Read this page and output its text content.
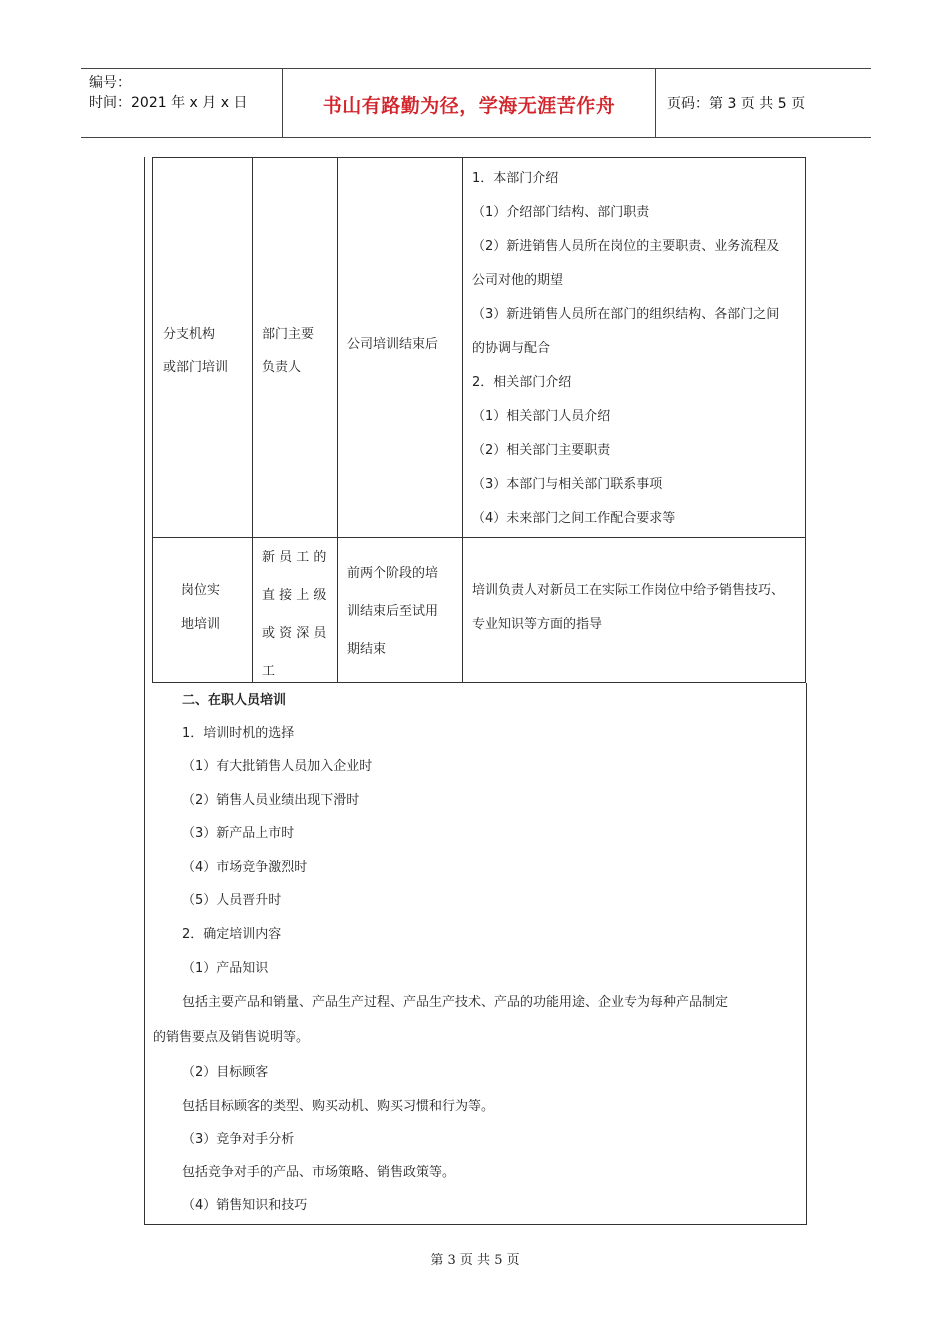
编号：
时间：2021 年 x 月 x 日	书山有路勤为径，学海无涯苦作舟	页码：第 3 页 共 5 页
分支机构
或部门培训
部门主要
负责人
公司培训结束后
1．本部门介绍
（1）介绍部门结构、部门职责
（2）新进销售人员所在岗位的主要职责、业务流程及
公司对他的期望
（3）新进销售人员所在部门的组织结构、各部门之间
的协调与配合
2．相关部门介绍
（1）相关部门人员介绍
（2）相关部门主要职责
（3）本部门与相关部门联系事项
（4）未来部门之间工作配合要求等
岗位实
地培训
新 员 工 的
直 接 上 级
或 资 深 员
工
前两个阶段的培
训结束后至试用
期结束
培训负责人对新员工在实际工作岗位中给予销售技巧、
专业知识等方面的指导
二、在职人员培训
1．培训时机的选择
（1）有大批销售人员加入企业时
（2）销售人员业绩出现下滑时
（3）新产品上市时
（4）市场竞争激烈时
（5）人员晋升时
2．确定培训内容
（1）产品知识
包括主要产品和销量、产品生产过程、产品生产技术、产品的功能用途、企业专为每种产品制定
的销售要点及销售说明等。
（2）目标顾客
包括目标顾客的类型、购买动机、购买习惯和行为等。
（3）竞争对手分析
包括竞争对手的产品、市场策略、销售政策等。
（4）销售知识和技巧
第 3 页 共 5 页
